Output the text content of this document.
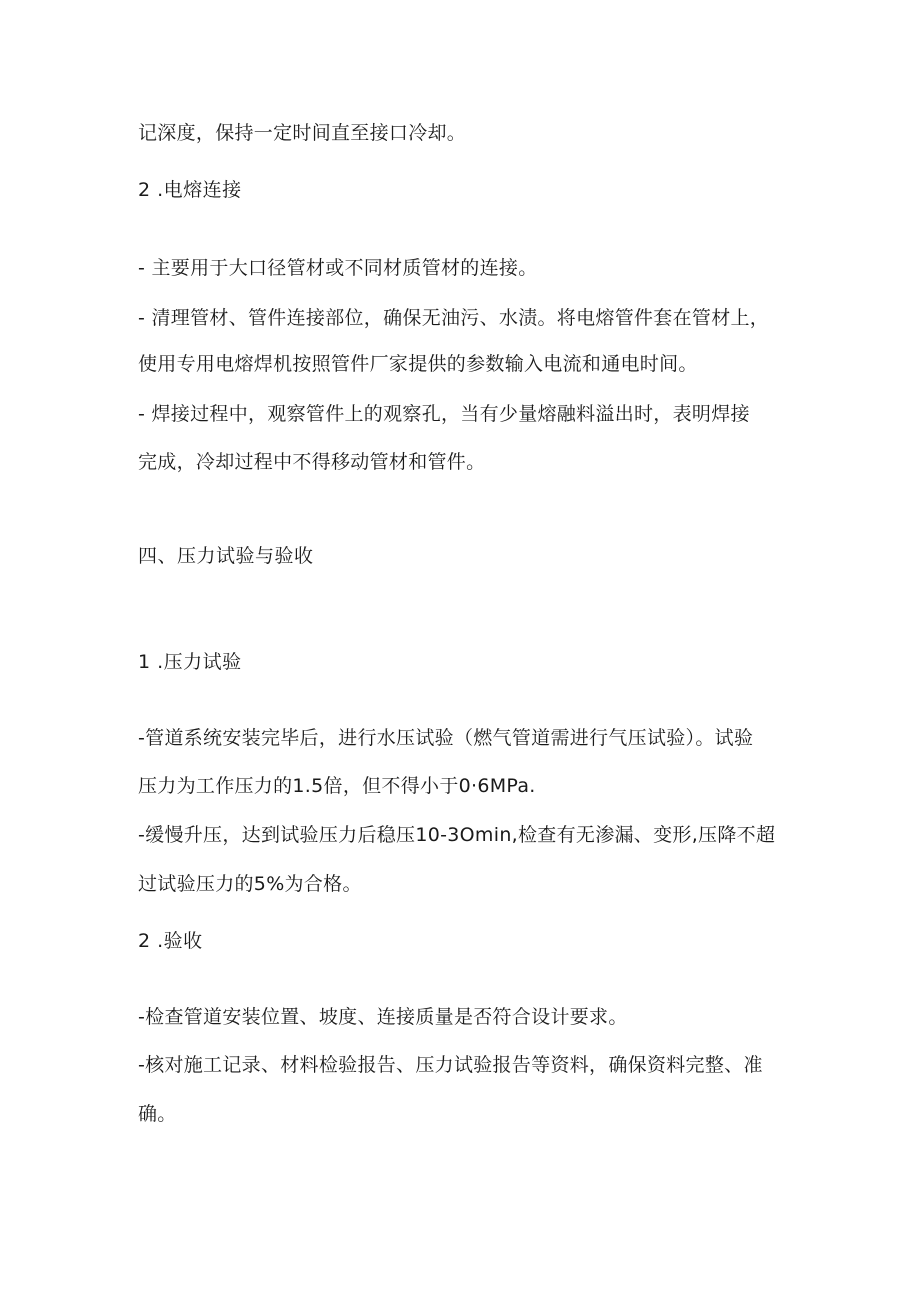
记深度，保持一定时间直至接口冷却。

2 .电熔连接

- 主要用于大口径管材或不同材质管材的连接。

- 清理管材、管件连接部位，确保无油污、水渍。将电熔管件套在管材上，

使用专用电熔焊机按照管件厂家提供的参数输入电流和通电时间。

- 焊接过程中，观察管件上的观察孔，当有少量熔融料溢出时，表明焊接

完成，冷却过程中不得移动管材和管件。

四、压力试验与验收

1 .压力试验

-管道系统安装完毕后，进行水压试验（燃气管道需进行气压试验）。试验

压力为工作压力的1.5倍，但不得小于0·6MPa.

-缓慢升压，达到试验压力后稳压10-3Omin,检查有无渗漏、变形,压降不超

过试验压力的5%为合格。

2 .验收

-检查管道安装位置、坡度、连接质量是否符合设计要求。

-核对施工记录、材料检验报告、压力试验报告等资料，确保资料完整、准

确。
